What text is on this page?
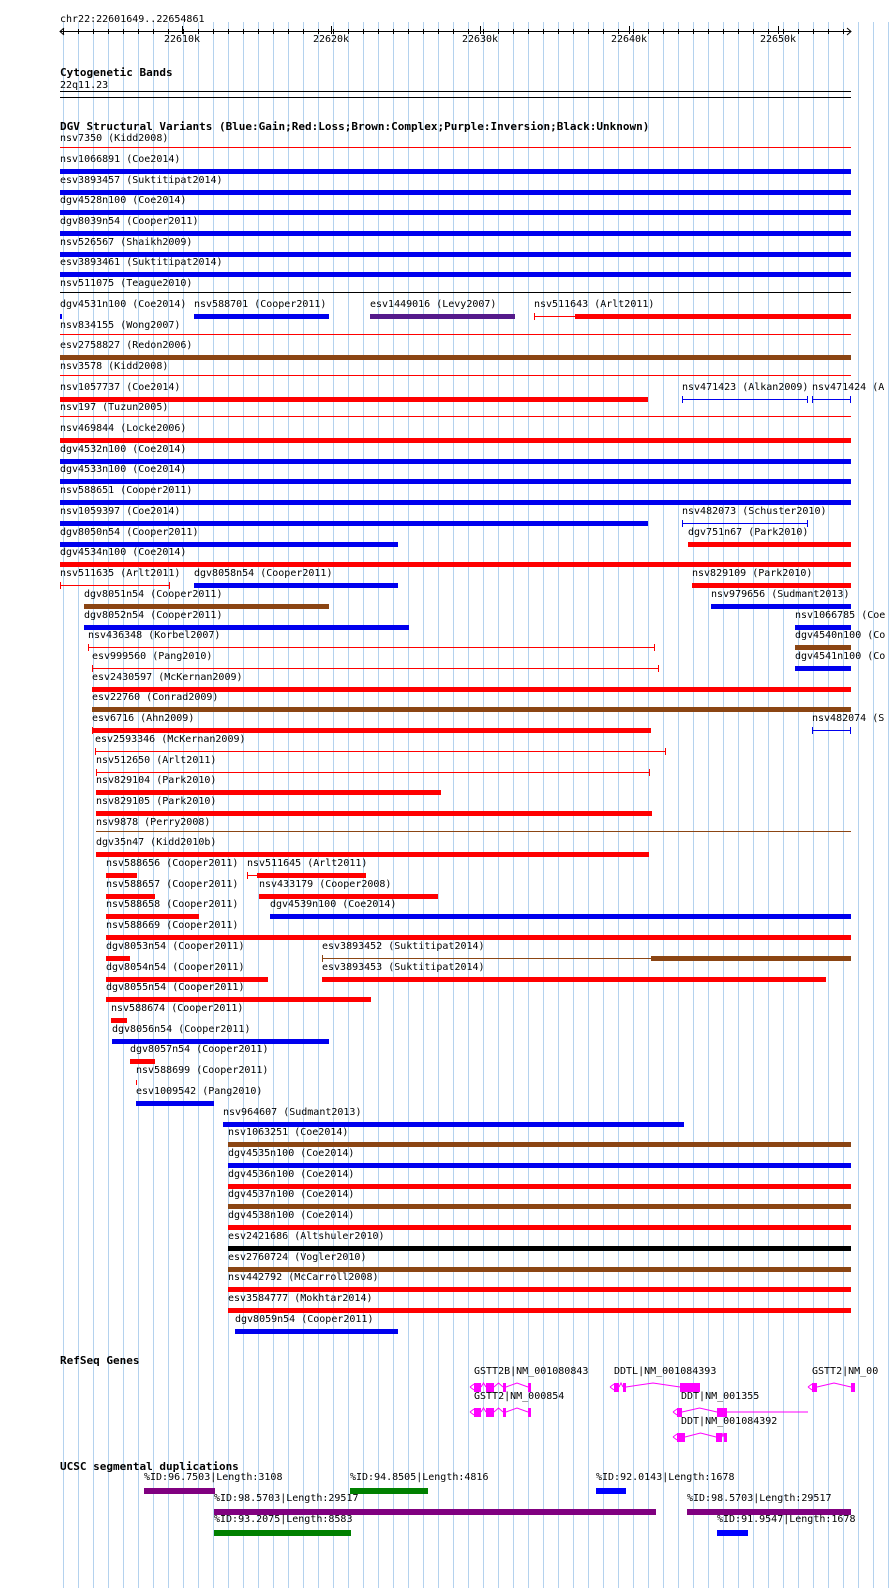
chr22:22601649..22654861
22610k	22620k	22630k	22640k	22650k
Cytogenetic Bands
22q11.23
DGV Structural Variants (Blue:Gain;Red:Loss;Brown:Complex;Purple:Inversion;Black:Unknown)
nsv7350 (Kidd2008)
nsv1066891 (Coe2014)
esv3893457 (Suktitipat2014)
dgv4528n100 (Coe2014)
dgv8039n54 (Cooper2011)
nsv526567 (Shaikh2009)
esv3893461 (Suktitipat2014)
nsv511075 (Teague2010)
dgv4531n100 (Coe2014) nsv588701 (Cooper2011)	esv1449016 (Levy2007)	nsv511643 (Arlt2011)
nsv834155 (Wong2007)
esv2758827 (Redon2006)
nsv3578 (Kidd2008)
nsv1057737 (Coe2014)	nsv471423 (Alkan2009) nsv471424 (A
nsv197 (Tuzun2005)
nsv469844 (Locke2006)
dgv4532n100 (Coe2014)
dgv4533n100 (Coe2014)
nsv588651 (Cooper2011)
nsv1059397 (Coe2014)	nsv482073 (Schuster2010)
dgv8050n54 (Cooper2011)	dgv751n67 (Park2010)
dgv4534n100 (Coe2014)
nsv511635 (Arlt2011) dgv8058n54 (Cooper2011)	nsv829109 (Park2010)
dgv8051n54 (Cooper2011)	nsv979656 (Sudmant2013)
dgv8052n54 (Cooper2011)	nsv1066785 (Coe
nsv436348 (Korbel2007)	dgv4540n100 (Co
esv999560 (Pang2010)	dgv4541n100 (Co
esv2430597 (McKernan2009)
esv22760 (Conrad2009)
esv6716 (Ahn2009)	nsv482074 (S
esv2593346 (McKernan2009)
nsv512650 (Arlt2011)
nsv829104 (Park2010)
nsv829105 (Park2010)
nsv9878 (Perry2008)
dgv35n47 (Kidd2010b)
nsv588656 (Cooper2011) nsv511645 (Arlt2011)
nsv588657 (Cooper2011) nsv433179 (Cooper2008)
nsv588658 (Cooper2011)	dgv4539n100 (Coe2014)
nsv588669 (Cooper2011)
dgv8053n54 (Cooper2011)	esv3893452 (Suktitipat2014)
dgv8054n54 (Cooper2011)	esv3893453 (Suktitipat2014)
dgv8055n54 (Cooper2011)
nsv588674 (Cooper2011)
dgv8056n54 (Cooper2011)
dgv8057n54 (Cooper2011)
nsv588699 (Cooper2011)
esv1009542 (Pang2010)
nsv964607 (Sudmant2013)
nsv1063251 (Coe2014)
dgv4535n100 (Coe2014)
dgv4536n100 (Coe2014)
dgv4537n100 (Coe2014)
dgv4538n100 (Coe2014)
esv2421686 (Altshuler2010)
esv2760724 (Vogler2010)
nsv442792 (McCarroll2008)
esv3584777 (Mokhtar2014)
dgv8059n54 (Cooper2011)
RefSeq Genes
GSTT2B|NM_001080843	DDTL|NM_001084393	GSTT2|NM_00
GSTT2|NM_000854	DDT|NM_001355
DDT|NM_001084392
UCSC segmental duplications
%ID:96.7503|Length:3108	%ID:94.8505|Length:4816	%ID:92.0143|Length:1678
%ID:98.5703|Length:29517	%ID:98.5703|Length:29517
%ID:93.2075|Length:8583	%ID:91.9547|Length:1678
